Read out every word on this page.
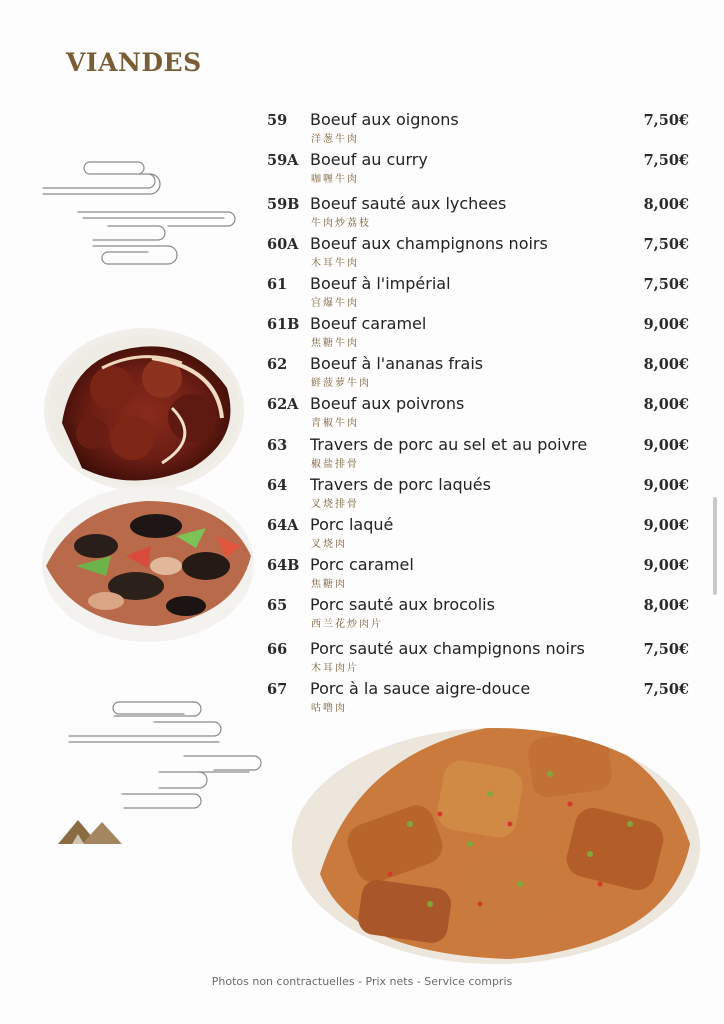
VIANDES
59 Boeuf aux oignons
洋葱牛肉
7,50€
59A Boeuf au curry
咖喱牛肉
7,50€
59B Boeuf sauté aux lychees
牛肉炒荔枝
8,00€
60A Boeuf aux champignons noirs
木耳牛肉
7,50€
61 Boeuf à l'impérial
宫爆牛肉
7,50€
61B Boeuf caramel
焦糖牛肉
9,00€
62 Boeuf à l'ananas frais
鲜菠萝牛肉
8,00€
62A Boeuf aux poivrons
青椒牛肉
8,00€
63 Travers de porc au sel et au poivre
椒盐排骨
9,00€
64 Travers de porc laqués
叉烧排骨
9,00€
64A Porc laqué
叉烧肉
9,00€
64B Porc caramel
焦糖肉
9,00€
65 Porc sauté aux brocolis
西兰花炒肉片
8,00€
66 Porc sauté aux champignons noirs
木耳肉片
7,50€
67 Porc à la sauce aigre-douce
咕噜肉
7,50€
Photos non contractuelles - Prix nets - Service compris
